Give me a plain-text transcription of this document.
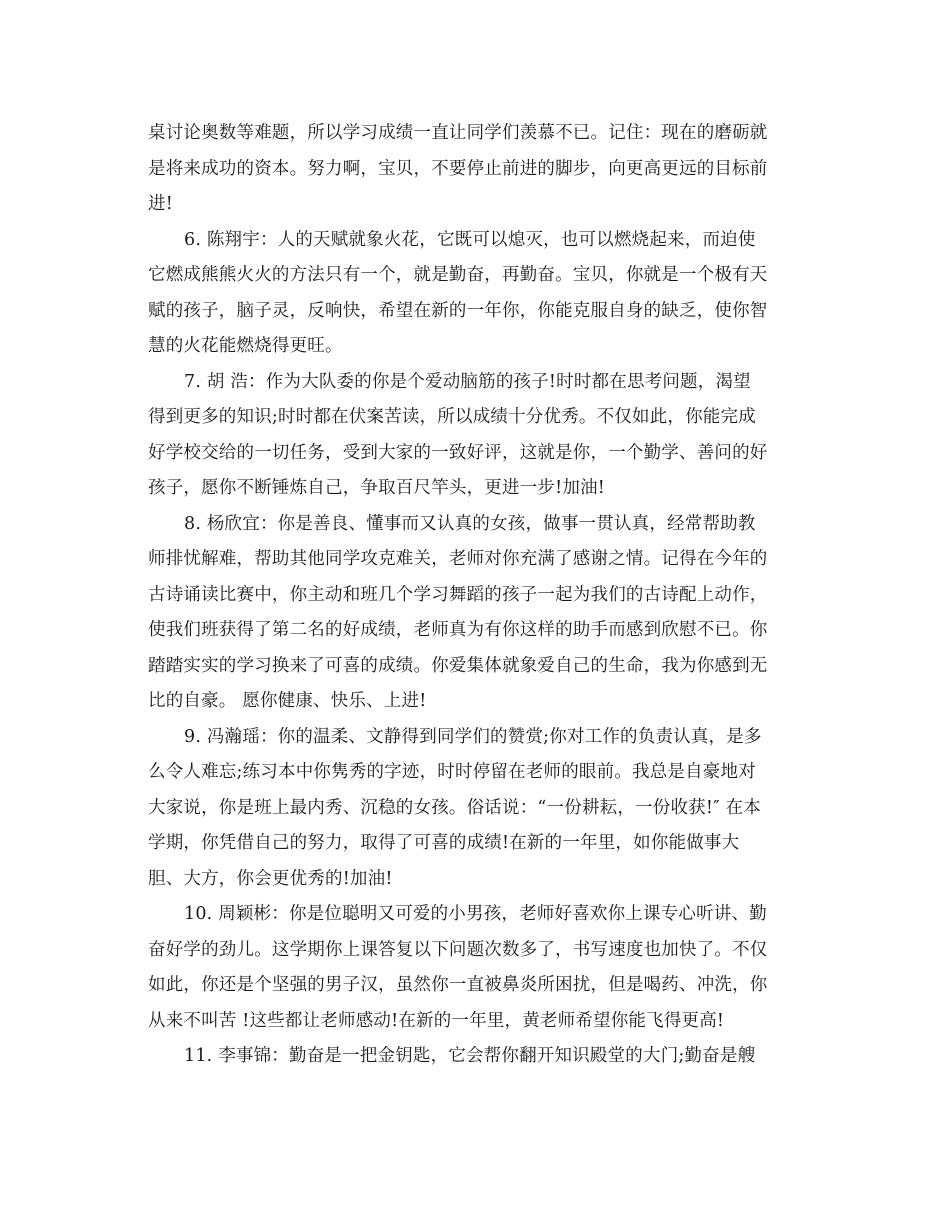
桌讨论奥数等难题，所以学习成绩一直让同学们羡慕不已。记住：现在的磨砺就
是将来成功的资本。努力啊，宝贝，不要停止前进的脚步，向更高更远的目标前
进!
6. 陈翔宇：人的天赋就象火花，它既可以熄灭，也可以燃烧起来，而迫使
它燃成熊熊火火的方法只有一个，就是勤奋，再勤奋。宝贝，你就是一个极有天
赋的孩子，脑子灵，反响快，希望在新的一年你，你能克服自身的缺乏，使你智
慧的火花能燃烧得更旺。
7. 胡 浩：作为大队委的你是个爱动脑筋的孩子!时时都在思考问题，渴望
得到更多的知识;时时都在伏案苦读，所以成绩十分优秀。不仅如此，你能完成
好学校交给的一切任务，受到大家的一致好评，这就是你，一个勤学、善问的好
孩子，愿你不断锤炼自己，争取百尺竿头，更进一步!加油!
8. 杨欣宜：你是善良、懂事而又认真的女孩，做事一贯认真，经常帮助教
师排忧解难，帮助其他同学攻克难关，老师对你充满了感谢之情。记得在今年的
古诗诵读比赛中，你主动和班几个学习舞蹈的孩子一起为我们的古诗配上动作，
使我们班获得了第二名的好成绩，老师真为有你这样的助手而感到欣慰不已。你
踏踏实实的学习换来了可喜的成绩。你爱集体就象爱自己的生命，我为你感到无
比的自豪。 愿你健康、快乐、上进!
9. 冯瀚瑶：你的温柔、文静得到同学们的赞赏;你对工作的负责认真，是多
么令人难忘;练习本中你隽秀的字迹，时时停留在老师的眼前。我总是自豪地对
大家说，你是班上最内秀、沉稳的女孩。俗话说：“一份耕耘，一份收获!″ 在本
学期，你凭借自己的努力，取得了可喜的成绩!在新的一年里，如你能做事大
胆、大方，你会更优秀的!加油!
10. 周颖彬：你是位聪明又可爱的小男孩，老师好喜欢你上课专心听讲、勤
奋好学的劲儿。这学期你上课答复以下问题次数多了，书写速度也加快了。不仅
如此，你还是个坚强的男子汉，虽然你一直被鼻炎所困扰，但是喝药、冲洗，你
从来不叫苦 !这些都让老师感动!在新的一年里，黄老师希望你能飞得更高!
11. 李事锦：勤奋是一把金钥匙，它会帮你翻开知识殿堂的大门;勤奋是艘
